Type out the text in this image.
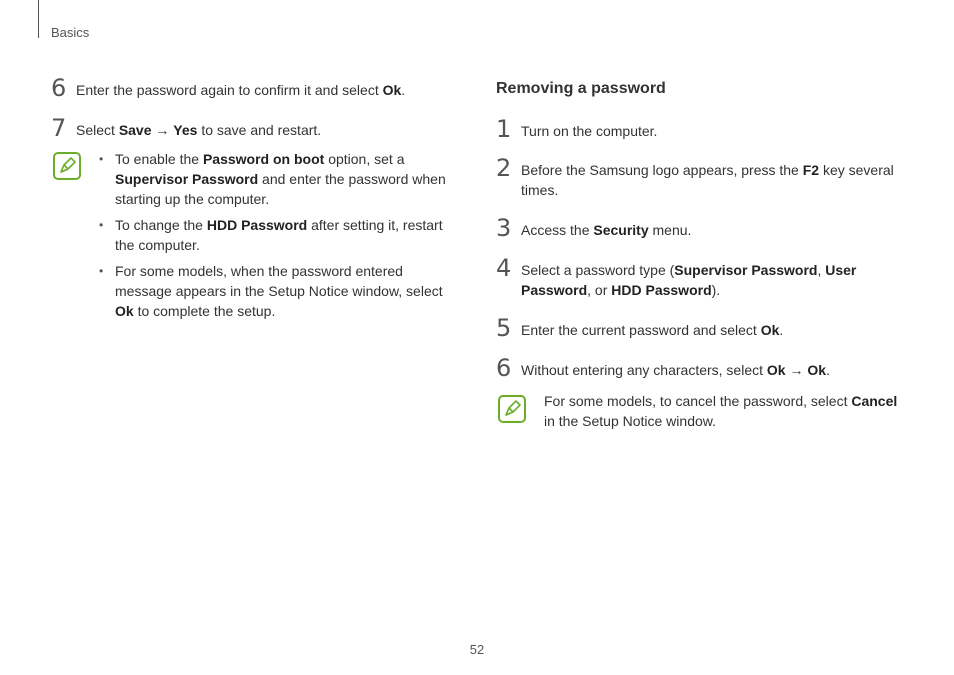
Basics
6 Enter the password again to confirm it and select Ok.
7 Select Save → Yes to save and restart.
• To enable the Password on boot option, set a Supervisor Password and enter the password when starting up the computer.
• To change the HDD Password after setting it, restart the computer.
• For some models, when the password entered message appears in the Setup Notice window, select Ok to complete the setup.
Removing a password
1 Turn on the computer.
2 Before the Samsung logo appears, press the F2 key several times.
3 Access the Security menu.
4 Select a password type (Supervisor Password, User Password, or HDD Password).
5 Enter the current password and select Ok.
6 Without entering any characters, select Ok → Ok.
For some models, to cancel the password, select Cancel in the Setup Notice window.
52
